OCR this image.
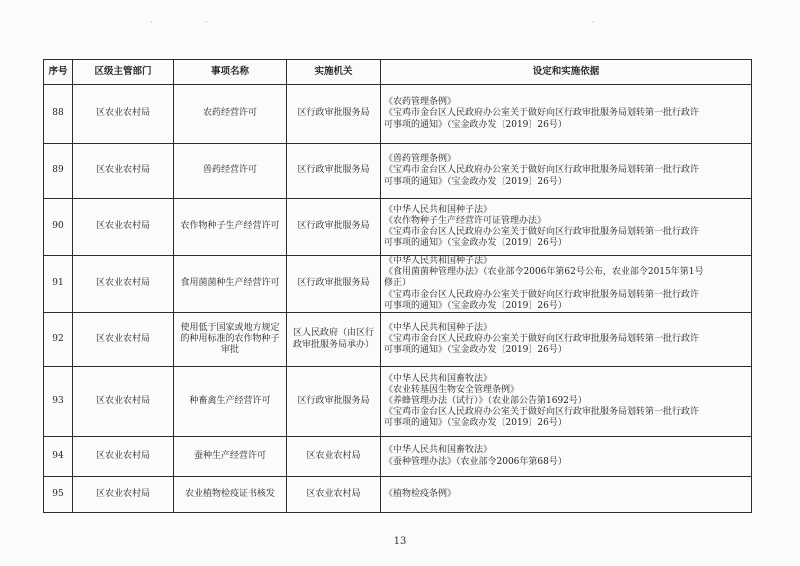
·	·	·
序号	区级主管部门	事项名称	实施机关	设定和实施依据
88	区农业农村局	农药经营许可	区行政审批服务局	《农药管理条例》
《宝鸡市金台区人民政府办公室关于做好向区行政审批服务局划转第一批行政许
可事项的通知》（宝金政办发〔2019〕26号）

89	区农业农村局	兽药经营许可	区行政审批服务局	《兽药管理条例》
《宝鸡市金台区人民政府办公室关于做好向区行政审批服务局划转第一批行政许
可事项的通知》（宝金政办发〔2019〕26号）

90	区农业农村局	农作物种子生产经营许可	区行政审批服务局	《中华人民共和国种子法》
《农作物种子生产经营许可证管理办法》
《宝鸡市金台区人民政府办公室关于做好向区行政审批服务局划转第一批行政许
可事项的通知》（宝金政办发〔2019〕26号）

91	区农业农村局	食用菌菌种生产经营许可	区行政审批服务局	《中华人民共和国种子法》
《食用菌菌种管理办法》（农业部令2006年第62号公布，农业部令2015年第1号
修正）
《宝鸡市金台区人民政府办公室关于做好向区行政审批服务局划转第一批行政许
可事项的通知》（宝金政办发〔2019〕26号）

92	区农业农村局	使用低于国家或地方规定
的种用标准的农作物种子
审批	区人民政府（由区行
政审批服务局承办）	《中华人民共和国种子法》
《宝鸡市金台区人民政府办公室关于做好向区行政审批服务局划转第一批行政许
可事项的通知》（宝金政办发〔2019〕26号）

93	区农业农村局	种畜禽生产经营许可	区行政审批服务局	《中华人民共和国畜牧法》
《农业转基因生物安全管理条例》
《养蜂管理办法（试行）》（农业部公告第1692号）
《宝鸡市金台区人民政府办公室关于做好向区行政审批服务局划转第一批行政许
可事项的通知》（宝金政办发〔2019〕26号）

94	区农业农村局	蚕种生产经营许可	区农业农村局	《中华人民共和国畜牧法》
《蚕种管理办法》（农业部令2006年第68号）

95	区农业农村局	农业植物检疫证书核发	区农业农村局	《植物检疫条例》
13
